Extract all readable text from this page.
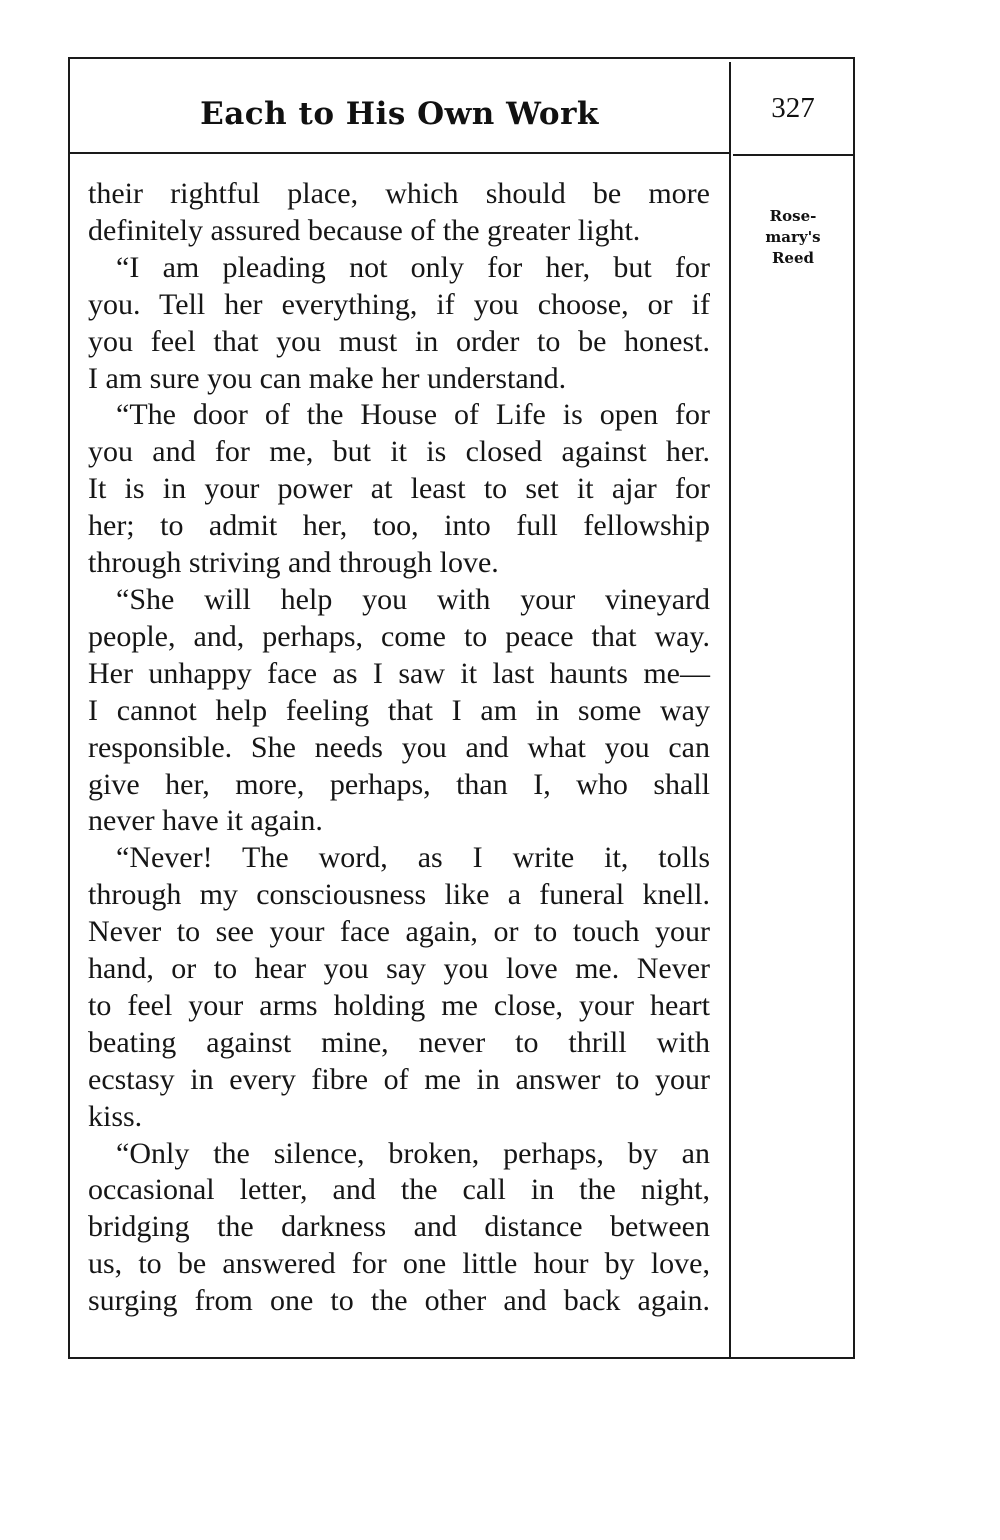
Each to His Own Work	327
Rose-
mary's
Reed
their rightful place, which should be more
definitely assured because of the greater light.
“I am pleading not only for her, but for
you. Tell her everything, if you choose, or if
you feel that you must in order to be honest.
I am sure you can make her understand.
“The door of the House of Life is open for
you and for me, but it is closed against her.
It is in your power at least to set it ajar for
her; to admit her, too, into full fellowship
through striving and through love.
“She will help you with your vineyard
people, and, perhaps, come to peace that way.
Her unhappy face as I saw it last haunts me—
I cannot help feeling that I am in some way
responsible. She needs you and what you can
give her, more, perhaps, than I, who shall
never have it again.
“Never! The word, as I write it, tolls
through my consciousness like a funeral knell.
Never to see your face again, or to touch your
hand, or to hear you say you love me. Never
to feel your arms holding me close, your heart
beating against mine, never to thrill with
ecstasy in every fibre of me in answer to your
kiss.
“Only the silence, broken, perhaps, by an
occasional letter, and the call in the night,
bridging the darkness and distance between
us, to be answered for one little hour by love,
surging from one to the other and back again.
